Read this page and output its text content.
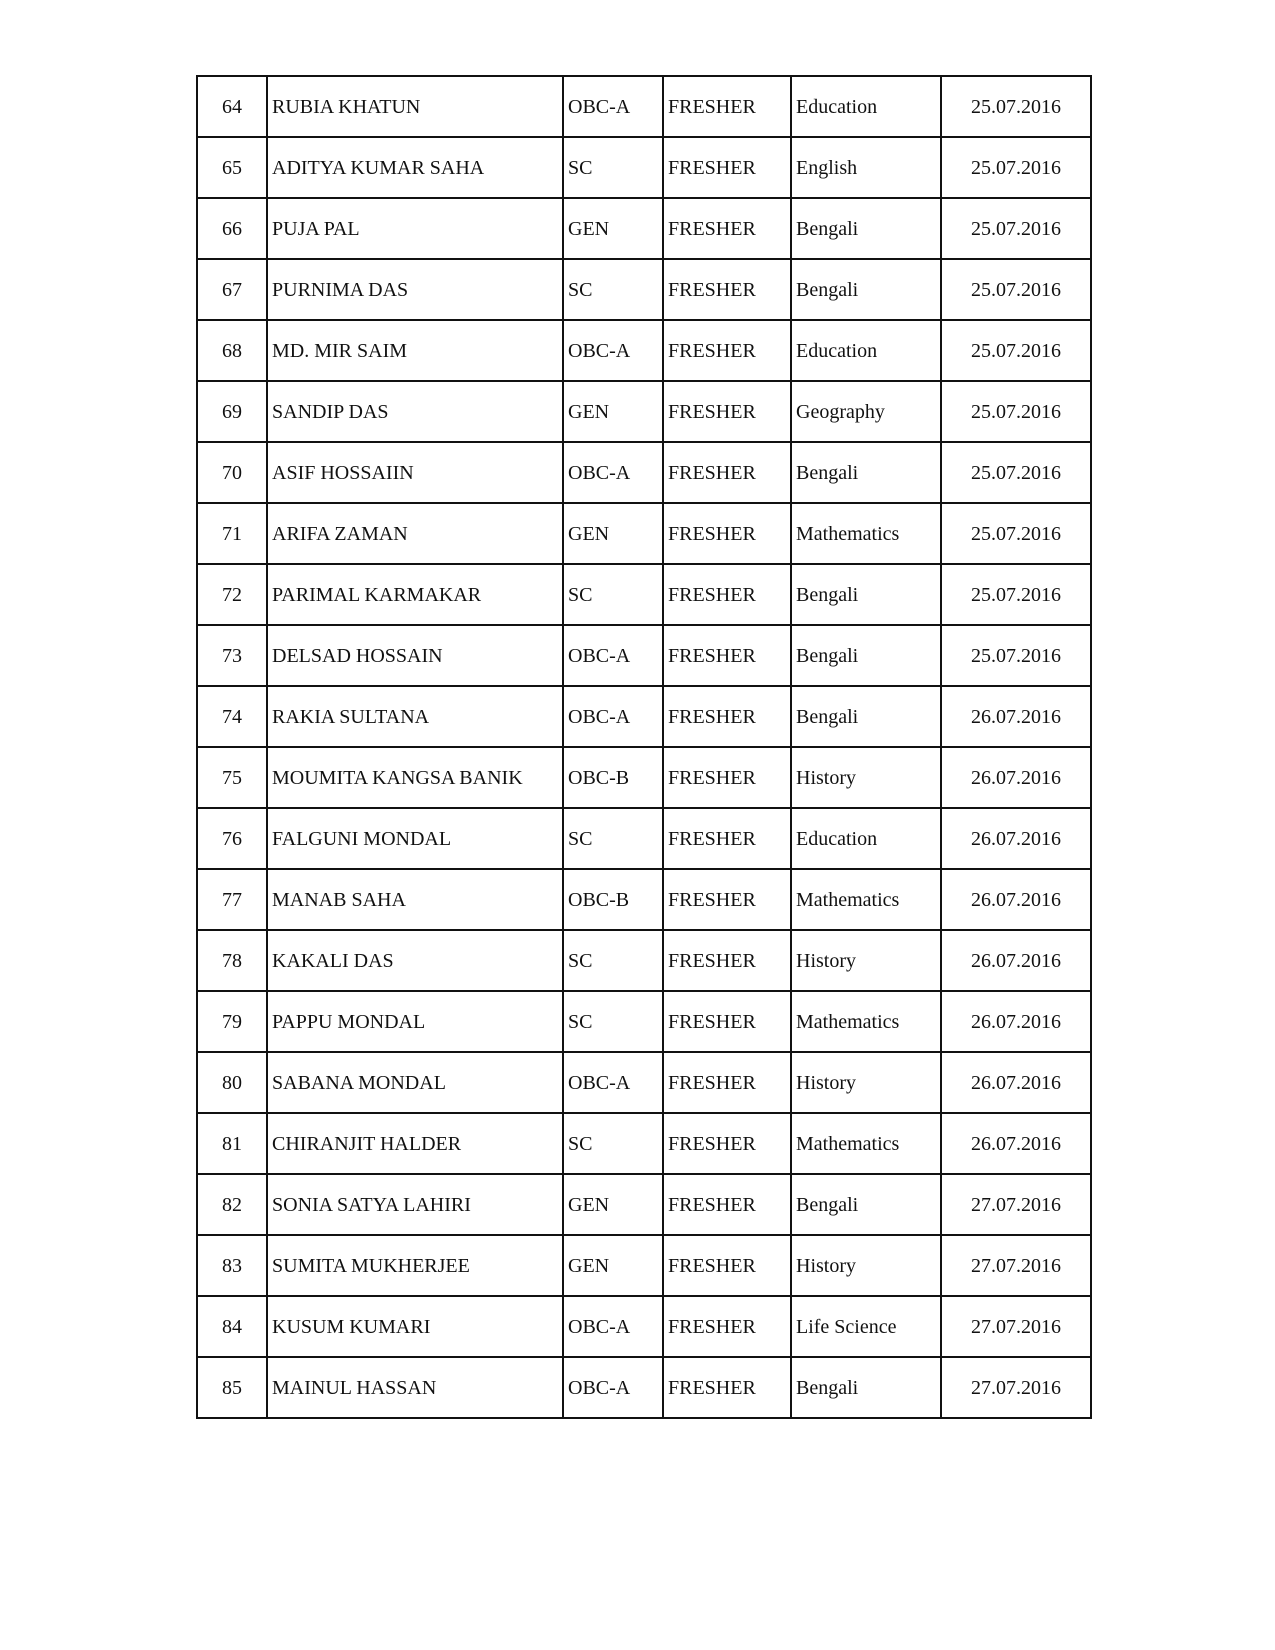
64	RUBIA KHATUN	OBC-A	FRESHER	Education	25.07.2016
65	ADITYA KUMAR SAHA	SC	FRESHER	English	25.07.2016
66	PUJA PAL	GEN	FRESHER	Bengali	25.07.2016
67	PURNIMA DAS	SC	FRESHER	Bengali	25.07.2016
68	MD. MIR SAIM	OBC-A	FRESHER	Education	25.07.2016
69	SANDIP DAS	GEN	FRESHER	Geography	25.07.2016
70	ASIF HOSSAIIN	OBC-A	FRESHER	Bengali	25.07.2016
71	ARIFA ZAMAN	GEN	FRESHER	Mathematics	25.07.2016
72	PARIMAL KARMAKAR	SC	FRESHER	Bengali	25.07.2016
73	DELSAD HOSSAIN	OBC-A	FRESHER	Bengali	25.07.2016
74	RAKIA SULTANA	OBC-A	FRESHER	Bengali	26.07.2016
75	MOUMITA KANGSA BANIK	OBC-B	FRESHER	History	26.07.2016
76	FALGUNI MONDAL	SC	FRESHER	Education	26.07.2016
77	MANAB SAHA	OBC-B	FRESHER	Mathematics	26.07.2016
78	KAKALI DAS	SC	FRESHER	History	26.07.2016
79	PAPPU MONDAL	SC	FRESHER	Mathematics	26.07.2016
80	SABANA MONDAL	OBC-A	FRESHER	History	26.07.2016
81	CHIRANJIT HALDER	SC	FRESHER	Mathematics	26.07.2016
82	SONIA SATYA LAHIRI	GEN	FRESHER	Bengali	27.07.2016
83	SUMITA MUKHERJEE	GEN	FRESHER	History	27.07.2016
84	KUSUM KUMARI	OBC-A	FRESHER	Life Science	27.07.2016
85	MAINUL HASSAN	OBC-A	FRESHER	Bengali	27.07.2016
